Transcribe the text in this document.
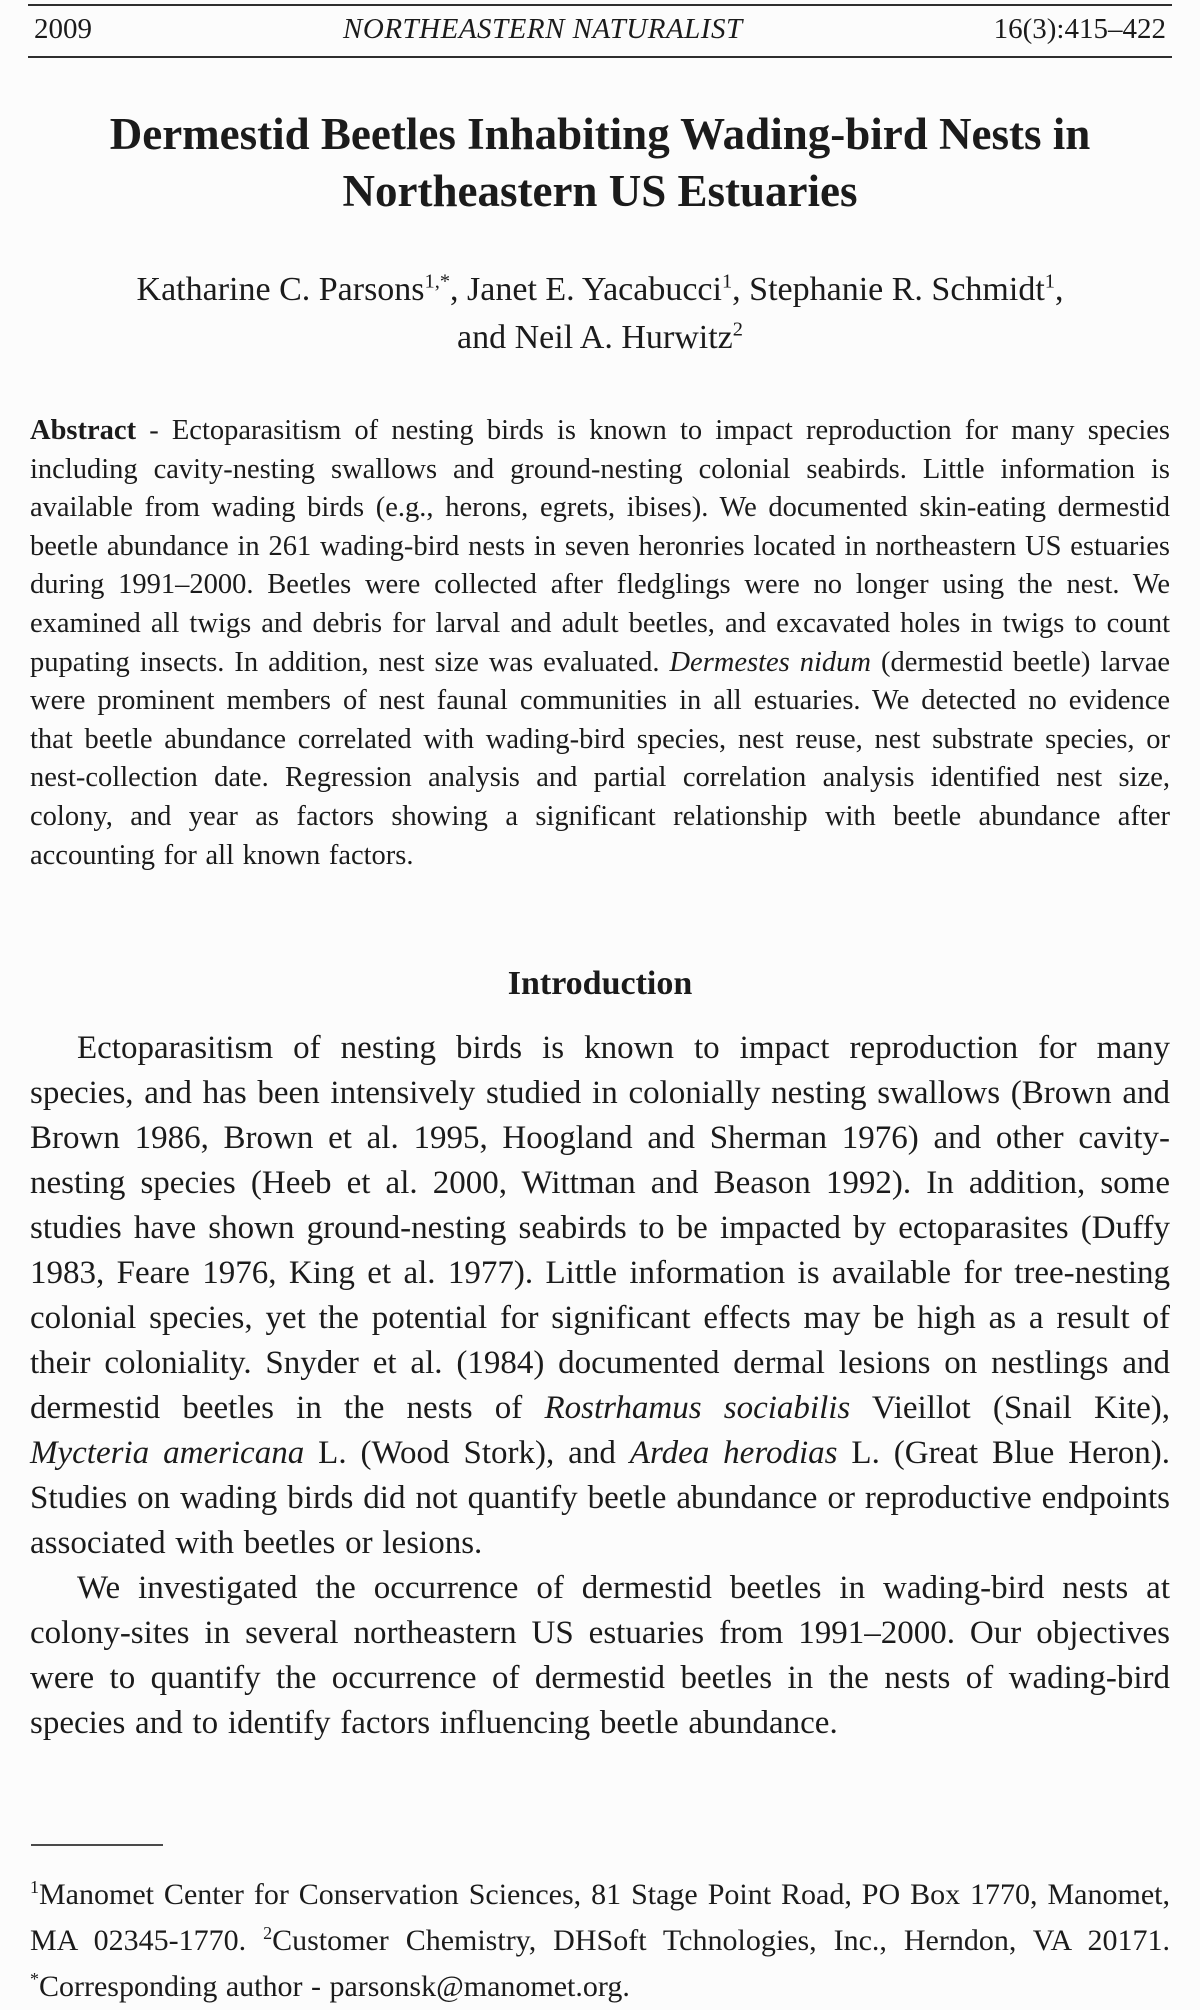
2009	NORTHEASTERN NATURALIST	16(3):415–422
Dermestid Beetles Inhabiting Wading-bird Nests in
Northeastern US Estuaries
Katharine C. Parsons$^{1,*}$, Janet E. Yacabucci$^1$, Stephanie R. Schmidt$^1$,
and Neil A. Hurwitz$^2$

Abstract - Ectoparasitism of nesting birds is known to impact reproduction for many species including cavity-nesting swallows and ground-nesting colonial seabirds. Little information is available from wading birds (e.g., herons, egrets, ibises). We documented skin-eating dermestid beetle abundance in 261 wading-bird nests in seven heronries located in northeastern US estuaries during 1991–2000. Beetles were collected after fledglings were no longer using the nest. We examined all twigs and debris for larval and adult beetles, and excavated holes in twigs to count pupating insects. In addition, nest size was evaluated. Dermestes nidum (dermestid beetle) larvae were prominent members of nest faunal communities in all estuaries. We detected no evidence that beetle abundance correlated with wading-bird species, nest reuse, nest substrate species, or nest-collection date. Regression analysis and partial correlation analysis identified nest size, colony, and year as factors showing a significant relationship with beetle abundance after accounting for all known factors.

Introduction

Ectoparasitism of nesting birds is known to impact reproduction for many species, and has been intensively studied in colonially nesting swallows (Brown and Brown 1986, Brown et al. 1995, Hoogland and Sherman 1976) and other cavity-nesting species (Heeb et al. 2000, Wittman and Beason 1992). In addition, some studies have shown ground-nesting seabirds to be impacted by ectoparasites (Duffy 1983, Feare 1976, King et al. 1977). Little information is available for tree-nesting colonial species, yet the potential for significant effects may be high as a result of their coloniality. Snyder et al. (1984) documented dermal lesions on nestlings and dermestid beetles in the nests of Rostrhamus sociabilis Vieillot (Snail Kite), Mycteria americana L. (Wood Stork), and Ardea herodias L. (Great Blue Heron). Studies on wading birds did not quantify beetle abundance or reproductive endpoints associated with beetles or lesions.

We investigated the occurrence of dermestid beetles in wading-bird nests at colony-sites in several northeastern US estuaries from 1991–2000. Our objectives were to quantify the occurrence of dermestid beetles in the nests of wading-bird species and to identify factors influencing beetle abundance.

$^1$Manomet Center for Conservation Sciences, 81 Stage Point Road, PO Box 1770, Manomet, MA 02345-1770. $^2$Customer Chemistry, DHSoft Tchnologies, Inc., Herndon, VA 20171. *Corresponding author - parsonsk@manomet.org.
